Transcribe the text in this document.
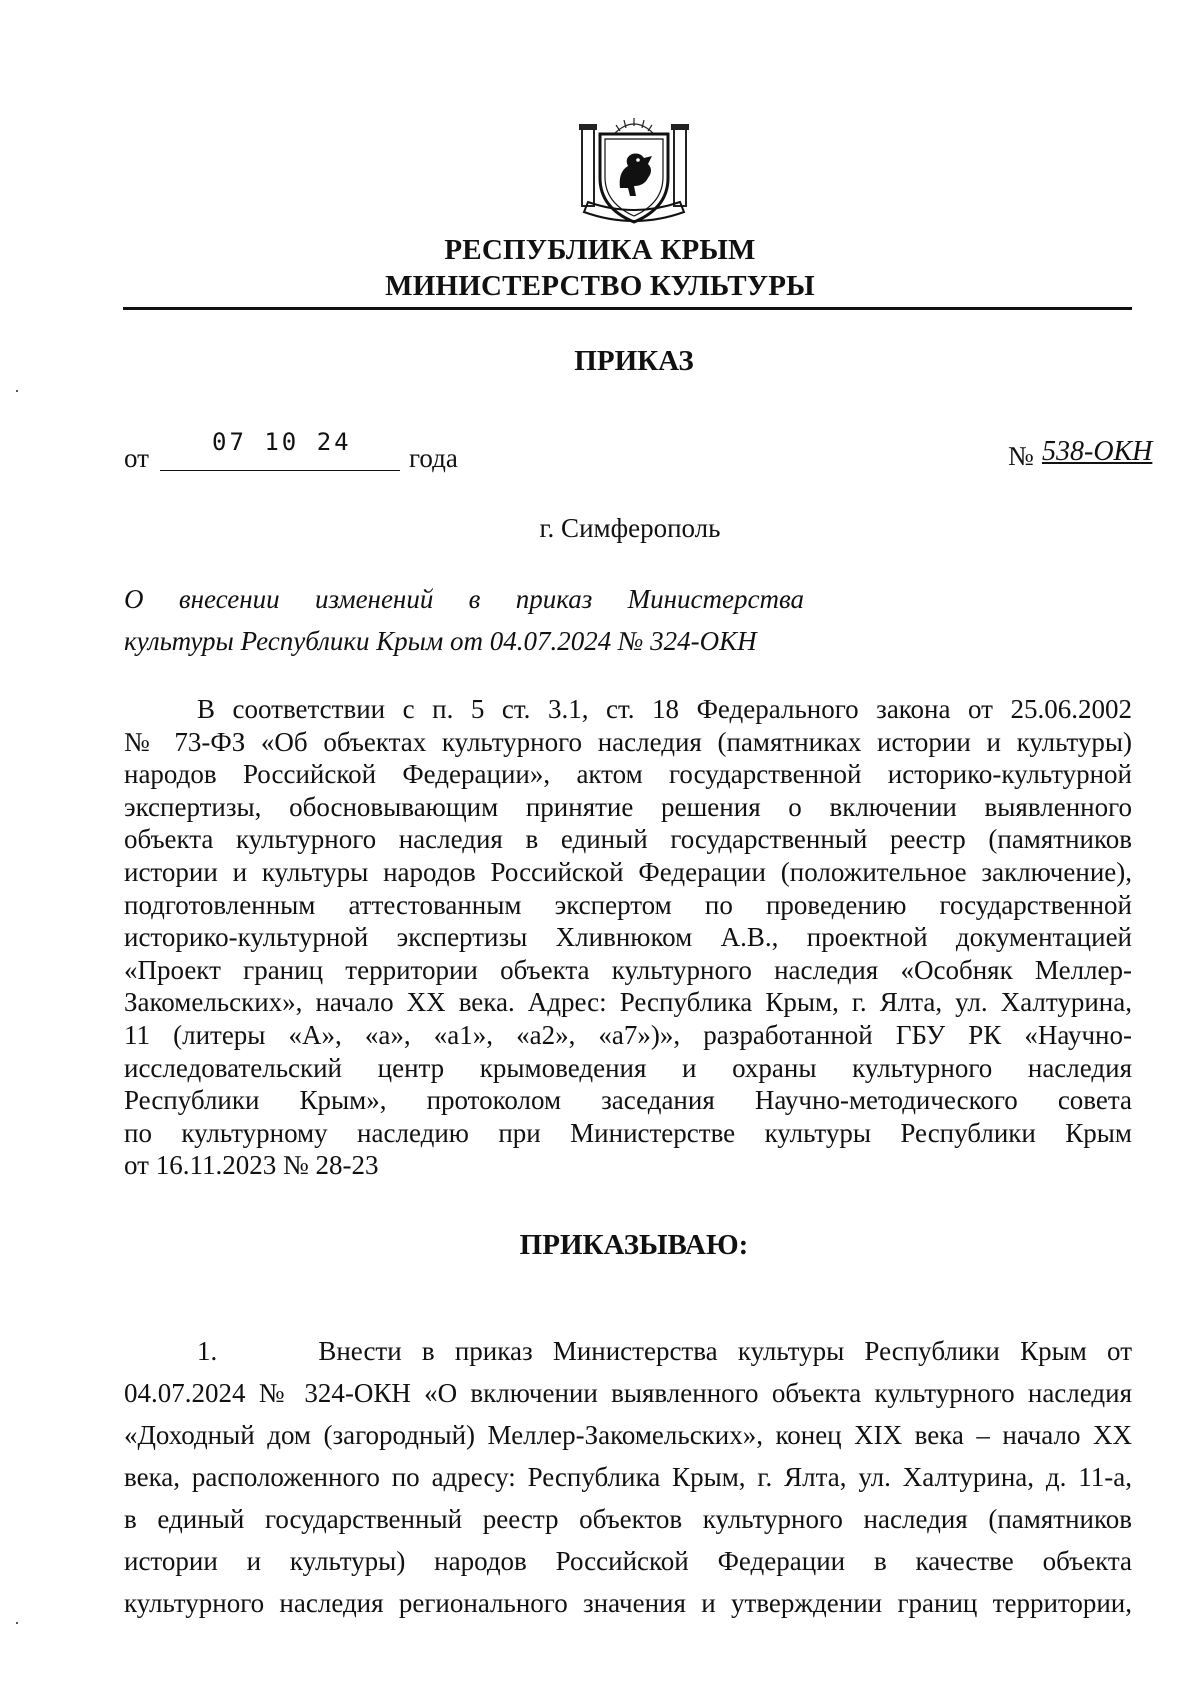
РЕСПУБЛИКА КРЫМ
МИНИСТЕРСТВО КУЛЬТУРЫ
ПРИКАЗ
от
07 10 24
года	№ 538-ОКН
г. Симферополь
О внесении изменений в приказ Министерства
культуры Республики Крым от 04.07.2024 № 324-ОКН
В соответствии с п. 5 ст. 3.1, ст. 18 Федерального закона от 25.06.2002
№ 73-ФЗ «Об объектах культурного наследия (памятниках истории и культуры)
народов Российской Федерации», актом государственной историко-культурной
экспертизы, обосновывающим принятие решения о включении выявленного
объекта культурного наследия в единый государственный реестр (памятников
истории и культуры народов Российской Федерации (положительное заключение),
подготовленным аттестованным экспертом по проведению государственной
историко-культурной экспертизы Хливнюком А.В., проектной документацией
«Проект границ территории объекта культурного наследия «Особняк Меллер-
Закомельских», начало XX века. Адрес: Республика Крым, г. Ялта, ул. Халтурина,
11 (литеры «А», «а», «а1», «а2», «а7»)», разработанной ГБУ РК «Научно-
исследовательский центр крымоведения и охраны культурного наследия
Республики Крым», протоколом заседания Научно-методического совета
по культурному наследию при Министерстве культуры Республики Крым
от 16.11.2023 № 28-23
ПРИКАЗЫВАЮ:
1.     Внести в приказ Министерства культуры Республики Крым от
04.07.2024 № 324-ОКН «О включении выявленного объекта культурного наследия
«Доходный дом (загородный) Меллер-Закомельских», конец XIX века – начало XX
века, расположенного по адресу: Республика Крым, г. Ялта, ул. Халтурина, д. 11-а,
в единый государственный реестр объектов культурного наследия (памятников
истории и культуры) народов Российской Федерации в качестве объекта
культурного наследия регионального значения и утверждении границ территории,
